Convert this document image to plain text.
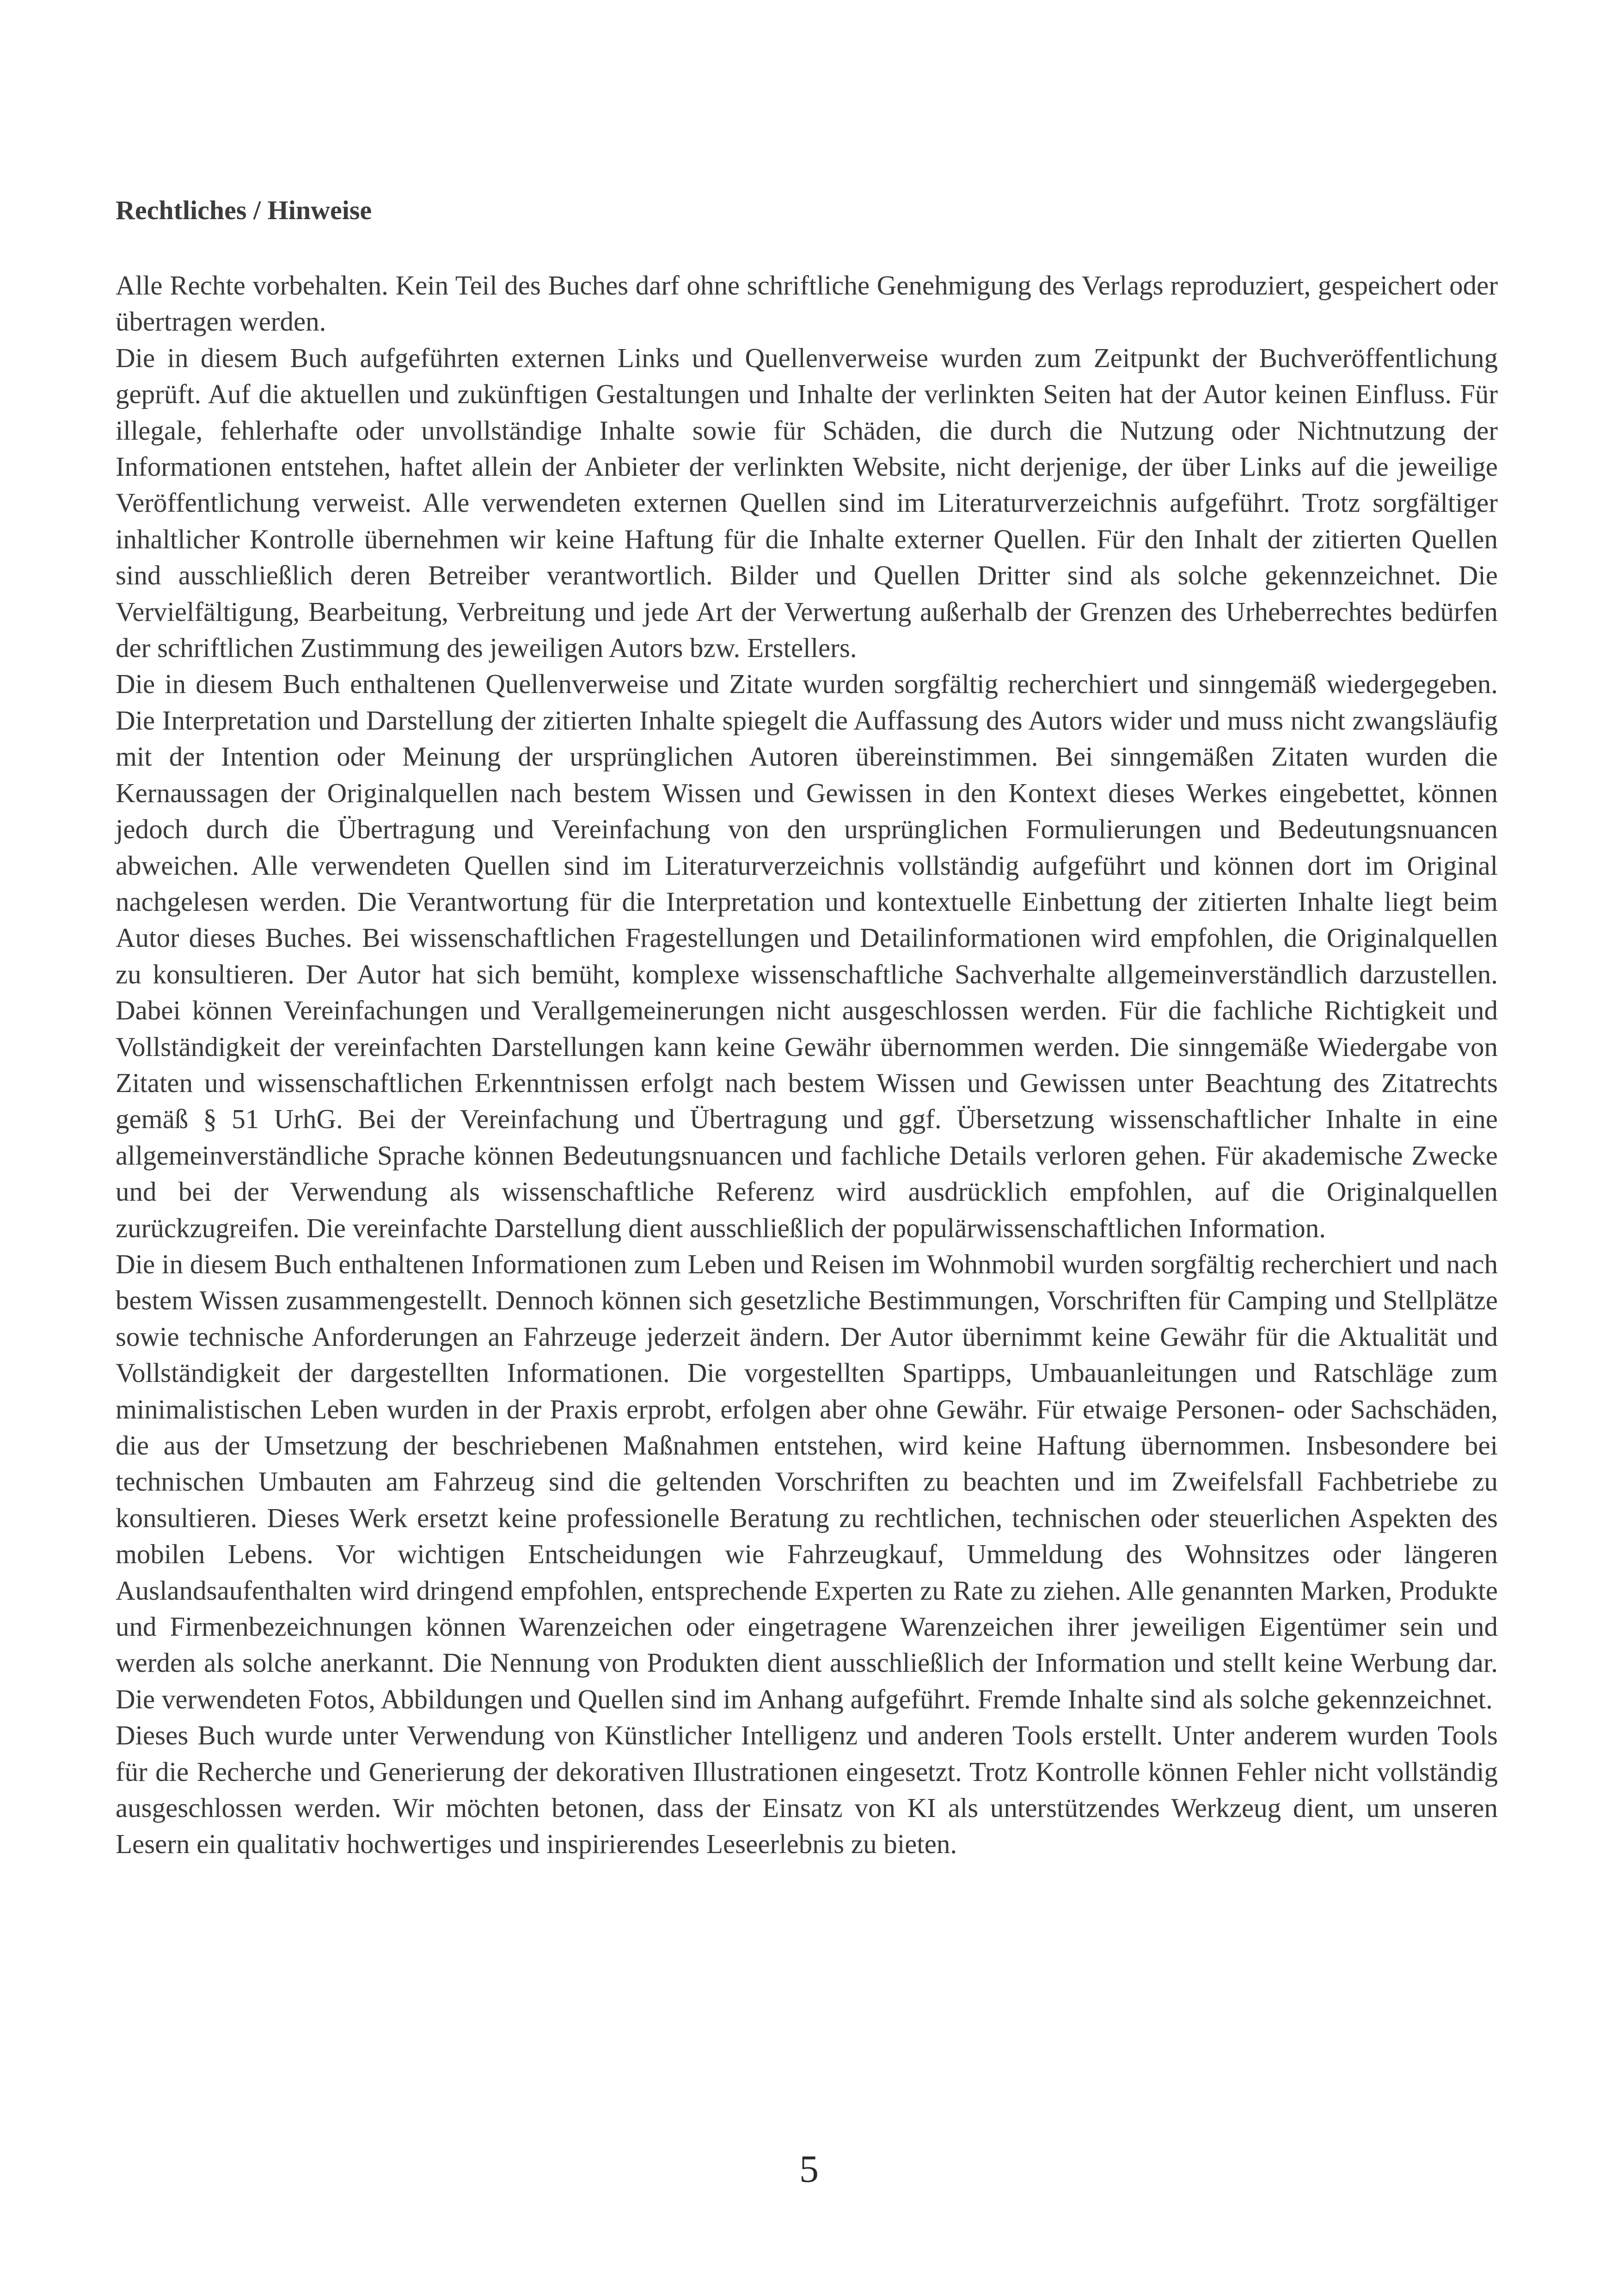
Rechtliches / Hinweise

Alle Rechte vorbehalten. Kein Teil des Buches darf ohne schriftliche Genehmigung des Verlags reproduziert, gespeichert oder übertragen werden.

Die in diesem Buch aufgeführten externen Links und Quellenverweise wurden zum Zeitpunkt der Buchveröffentlichung geprüft. Auf die aktuellen und zukünftigen Gestaltungen und Inhalte der verlinkten Seiten hat der Autor keinen Einfluss. Für illegale, fehlerhafte oder unvollständige Inhalte sowie für Schäden, die durch die Nutzung oder Nichtnutzung der Informationen entstehen, haftet allein der Anbieter der verlinkten Website, nicht derjenige, der über Links auf die jeweilige Veröffentlichung verweist. Alle verwendeten externen Quellen sind im Literaturverzeichnis aufgeführt. Trotz sorgfältiger inhaltlicher Kontrolle übernehmen wir keine Haftung für die Inhalte externer Quellen. Für den Inhalt der zitierten Quellen sind ausschließlich deren Betreiber verantwortlich. Bilder und Quellen Dritter sind als solche gekennzeichnet. Die Vervielfältigung, Bearbeitung, Verbreitung und jede Art der Verwertung außerhalb der Grenzen des Urheberrechtes bedürfen der schriftlichen Zustimmung des jeweiligen Autors bzw. Erstellers.

Die in diesem Buch enthaltenen Quellenverweise und Zitate wurden sorgfältig recherchiert und sinngemäß wiedergegeben. Die Interpretation und Darstellung der zitierten Inhalte spiegelt die Auffassung des Autors wider und muss nicht zwangsläufig mit der Intention oder Meinung der ursprünglichen Autoren übereinstimmen. Bei sinngemäßen Zitaten wurden die Kernaussagen der Originalquellen nach bestem Wissen und Gewissen in den Kontext dieses Werkes eingebettet, können jedoch durch die Übertragung und Vereinfachung von den ursprünglichen Formulierungen und Bedeutungsnuancen abweichen. Alle verwendeten Quellen sind im Literaturverzeichnis vollständig aufgeführt und können dort im Original nachgelesen werden. Die Verantwortung für die Interpretation und kontextuelle Einbettung der zitierten Inhalte liegt beim Autor dieses Buches. Bei wissenschaftlichen Fragestellungen und Detailinformationen wird empfohlen, die Originalquellen zu konsultieren. Der Autor hat sich bemüht, komplexe wissenschaftliche Sachverhalte allgemeinverständlich darzustellen. Dabei können Vereinfachungen und Verallgemeinerungen nicht ausgeschlossen werden. Für die fachliche Richtigkeit und Vollständigkeit der vereinfachten Darstellungen kann keine Gewähr übernommen werden. Die sinngemäße Wiedergabe von Zitaten und wissenschaftlichen Erkenntnissen erfolgt nach bestem Wissen und Gewissen unter Beachtung des Zitatrechts gemäß § 51 UrhG. Bei der Vereinfachung und Übertragung und ggf. Übersetzung wissenschaftlicher Inhalte in eine allgemeinverständliche Sprache können Bedeutungsnuancen und fachliche Details verloren gehen. Für akademische Zwecke und bei der Verwendung als wissenschaftliche Referenz wird ausdrücklich empfohlen, auf die Originalquellen zurückzugreifen. Die vereinfachte Darstellung dient ausschließlich der populärwissenschaftlichen Information.

Die in diesem Buch enthaltenen Informationen zum Leben und Reisen im Wohnmobil wurden sorgfältig recherchiert und nach bestem Wissen zusammengestellt. Dennoch können sich gesetzliche Bestimmungen, Vorschriften für Camping und Stellplätze sowie technische Anforderungen an Fahrzeuge jederzeit ändern. Der Autor übernimmt keine Gewähr für die Aktualität und Vollständigkeit der dargestellten Informationen. Die vorgestellten Spartipps, Umbauanleitungen und Ratschläge zum minimalistischen Leben wurden in der Praxis erprobt, erfolgen aber ohne Gewähr. Für etwaige Personen- oder Sachschäden, die aus der Umsetzung der beschriebenen Maßnahmen entstehen, wird keine Haftung übernommen. Insbesondere bei technischen Umbauten am Fahrzeug sind die geltenden Vorschriften zu beachten und im Zweifelsfall Fachbetriebe zu konsultieren. Dieses Werk ersetzt keine professionelle Beratung zu rechtlichen, technischen oder steuerlichen Aspekten des mobilen Lebens. Vor wichtigen Entscheidungen wie Fahrzeugkauf, Ummeldung des Wohnsitzes oder längeren Auslandsaufenthalten wird dringend empfohlen, entsprechende Experten zu Rate zu ziehen. Alle genannten Marken, Produkte und Firmenbezeichnungen können Warenzeichen oder eingetragene Warenzeichen ihrer jeweiligen Eigentümer sein und werden als solche anerkannt. Die Nennung von Produkten dient ausschließlich der Information und stellt keine Werbung dar. Die verwendeten Fotos, Abbildungen und Quellen sind im Anhang aufgeführt. Fremde Inhalte sind als solche gekennzeichnet.

Dieses Buch wurde unter Verwendung von Künstlicher Intelligenz und anderen Tools erstellt. Unter anderem wurden Tools für die Recherche und Generierung der dekorativen Illustrationen eingesetzt. Trotz Kontrolle können Fehler nicht vollständig ausgeschlossen werden. Wir möchten betonen, dass der Einsatz von KI als unterstützendes Werkzeug dient, um unseren Lesern ein qualitativ hochwertiges und inspirierendes Leseerlebnis zu bieten.

5
